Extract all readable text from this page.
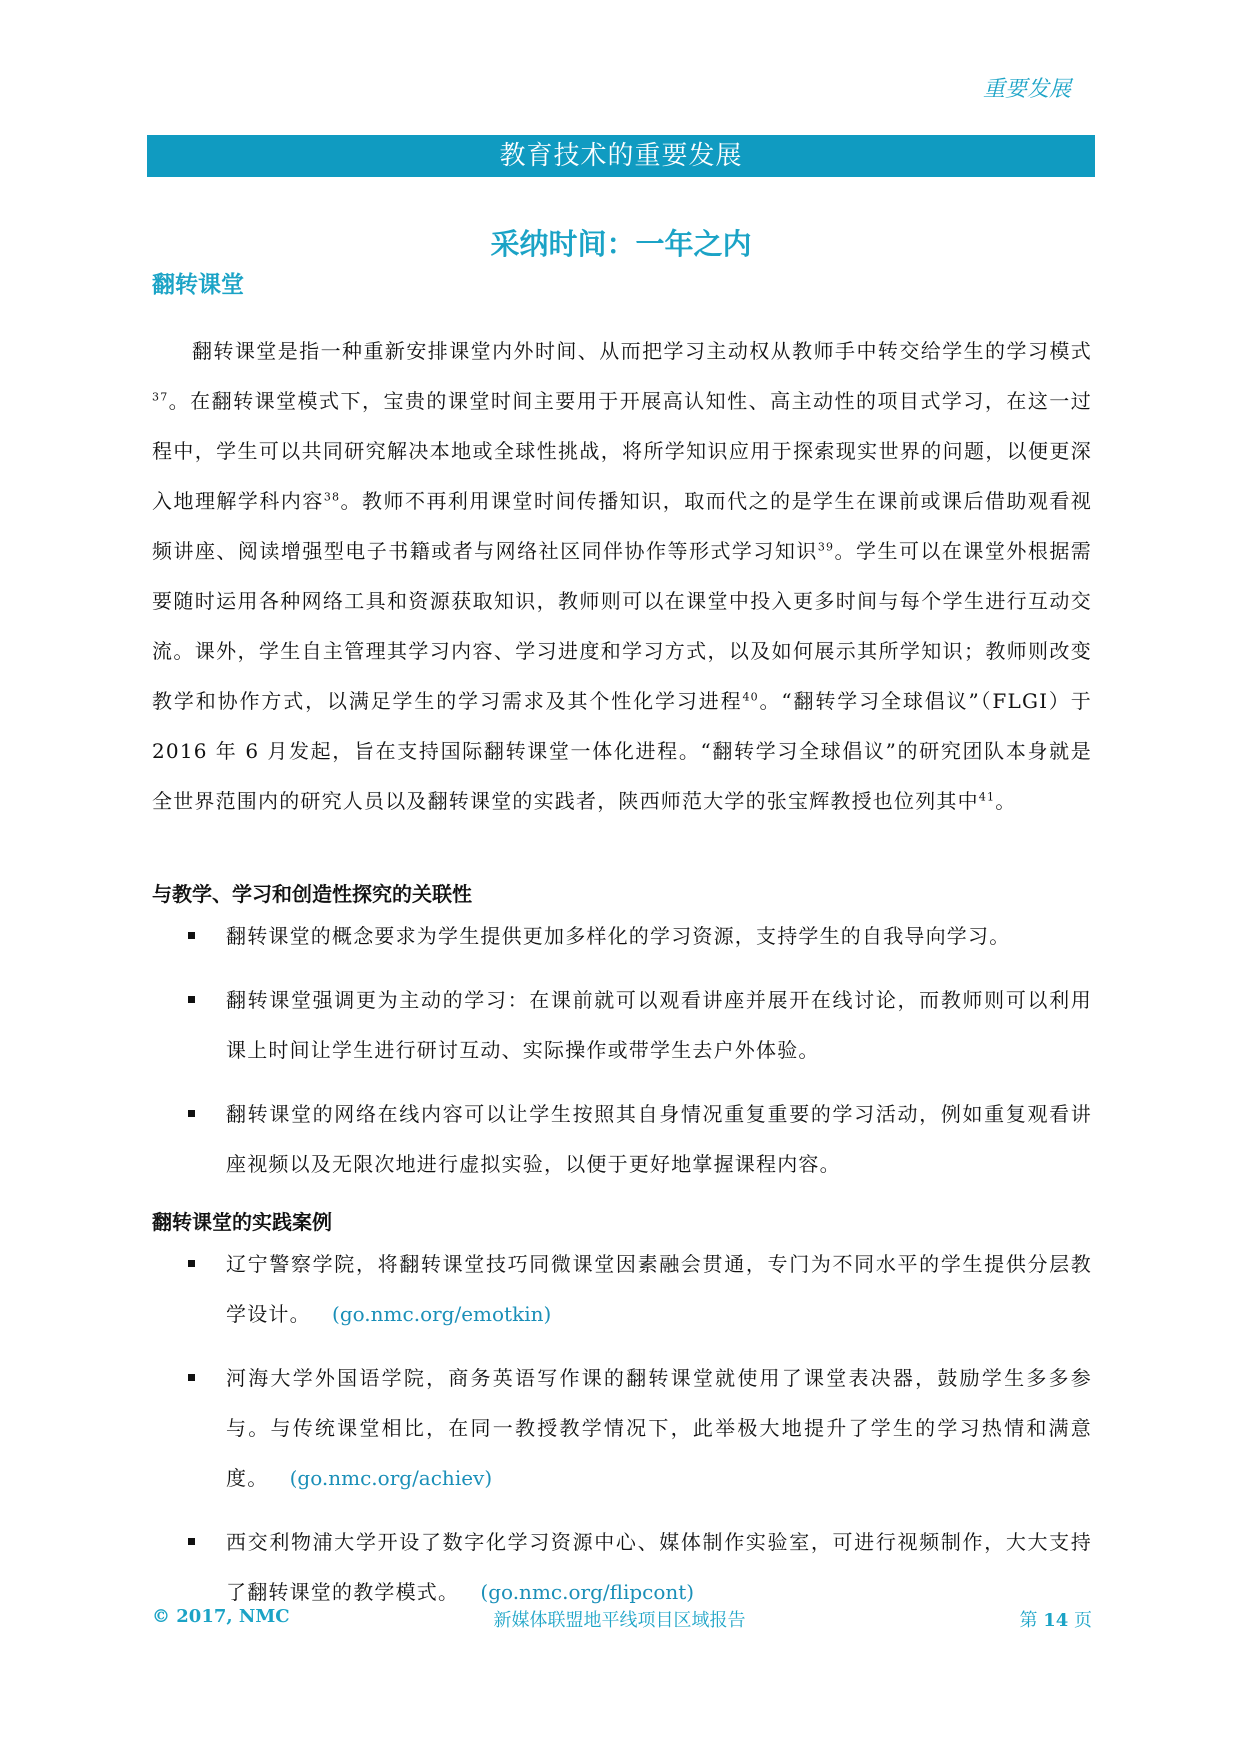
重要发展
教育技术的重要发展
采纳时间：一年之内
翻转课堂

翻转课堂是指一种重新安排课堂内外时间、从而把学习主动权从教师手中转交给学生的学习模式$^{37}$。在翻转课堂模式下，宝贵的课堂时间主要用于开展高认知性、高主动性的项目式学习，在这一过程中，学生可以共同研究解决本地或全球性挑战，将所学知识应用于探索现实世界的问题，以便更深入地理解学科内容$^{38}$。教师不再利用课堂时间传播知识，取而代之的是学生在课前或课后借助观看视频讲座、阅读增强型电子书籍或者与网络社区同伴协作等形式学习知识$^{39}$。学生可以在课堂外根据需要随时运用各种网络工具和资源获取知识，教师则可以在课堂中投入更多时间与每个学生进行互动交流。课外，学生自主管理其学习内容、学习进度和学习方式，以及如何展示其所学知识；教师则改变教学和协作方式，以满足学生的学习需求及其个性化学习进程$^{40}$。“翻转学习全球倡议”（FLGI）于 2016 年 6 月发起，旨在支持国际翻转课堂一体化进程。“翻转学习全球倡议”的研究团队本身就是全世界范围内的研究人员以及翻转课堂的实践者，陕西师范大学的张宝辉教授也位列其中$^{41}$。

与教学、学习和创造性探究的关联性
翻转课堂的概念要求为学生提供更加多样化的学习资源，支持学生的自我导向学习。
翻转课堂强调更为主动的学习：在课前就可以观看讲座并展开在线讨论，而教师则可以利用课上时间让学生进行研讨互动、实际操作或带学生去户外体验。
翻转课堂的网络在线内容可以让学生按照其自身情况重复重要的学习活动，例如重复观看讲座视频以及无限次地进行虚拟实验，以便于更好地掌握课程内容。
翻转课堂的实践案例
辽宁警察学院，将翻转课堂技巧同微课堂因素融会贯通，专门为不同水平的学生提供分层教学设计。  (go.nmc.org/emotkin)
河海大学外国语学院，商务英语写作课的翻转课堂就使用了课堂表决器，鼓励学生多多参与。与传统课堂相比，在同一教授教学情况下，此举极大地提升了学生的学习热情和满意度。  (go.nmc.org/achiev)
西交利物浦大学开设了数字化学习资源中心、媒体制作实验室，可进行视频制作，大大支持了翻转课堂的教学模式。  (go.nmc.org/flipcont)
© 2017, NMC	新媒体联盟地平线项目区域报告	第 14 页
